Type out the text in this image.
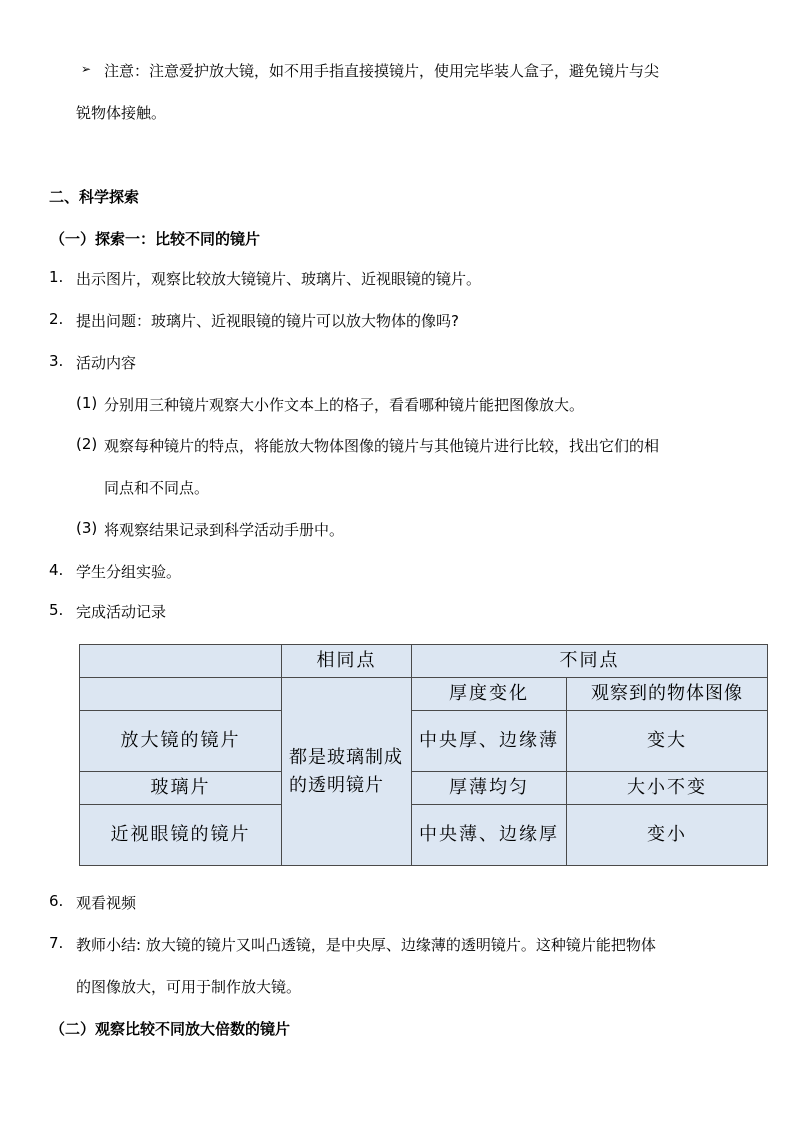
➢ 注意：注意爱护放大镜，如不用手指直接摸镜片，使用完毕装人盒子，避免镜片与尖
锐物体接触。
二、科学探索
（一）探索一：比较不同的镜片
1. 出示图片，观察比较放大镜镜片、玻璃片、近视眼镜的镜片。
2. 提出问题：玻璃片、近视眼镜的镜片可以放大物体的像吗?
3. 活动内容
(1) 分别用三种镜片观察大小作文本上的格子，看看哪种镜片能把图像放大。
(2) 观察每种镜片的特点，将能放大物体图像的镜片与其他镜片进行比较，找出它们的相
同点和不同点。
(3) 将观察结果记录到科学活动手册中。
4. 学生分组实验。
5. 完成活动记录
	相同点	不同点	
	都是玻璃制成的透明镜片	厚度变化	观察到的物体图像
放大镜的镜片		中央厚、边缘薄	变大
玻璃片		厚薄均匀	大小不变
近视眼镜的镜片		中央薄、边缘厚	变小
6. 观看视频
7. 教师小结: 放大镜的镜片又叫凸透镜，是中央厚、边缘薄的透明镜片。这种镜片能把物体
的图像放大，可用于制作放大镜。
（二）观察比较不同放大倍数的镜片
